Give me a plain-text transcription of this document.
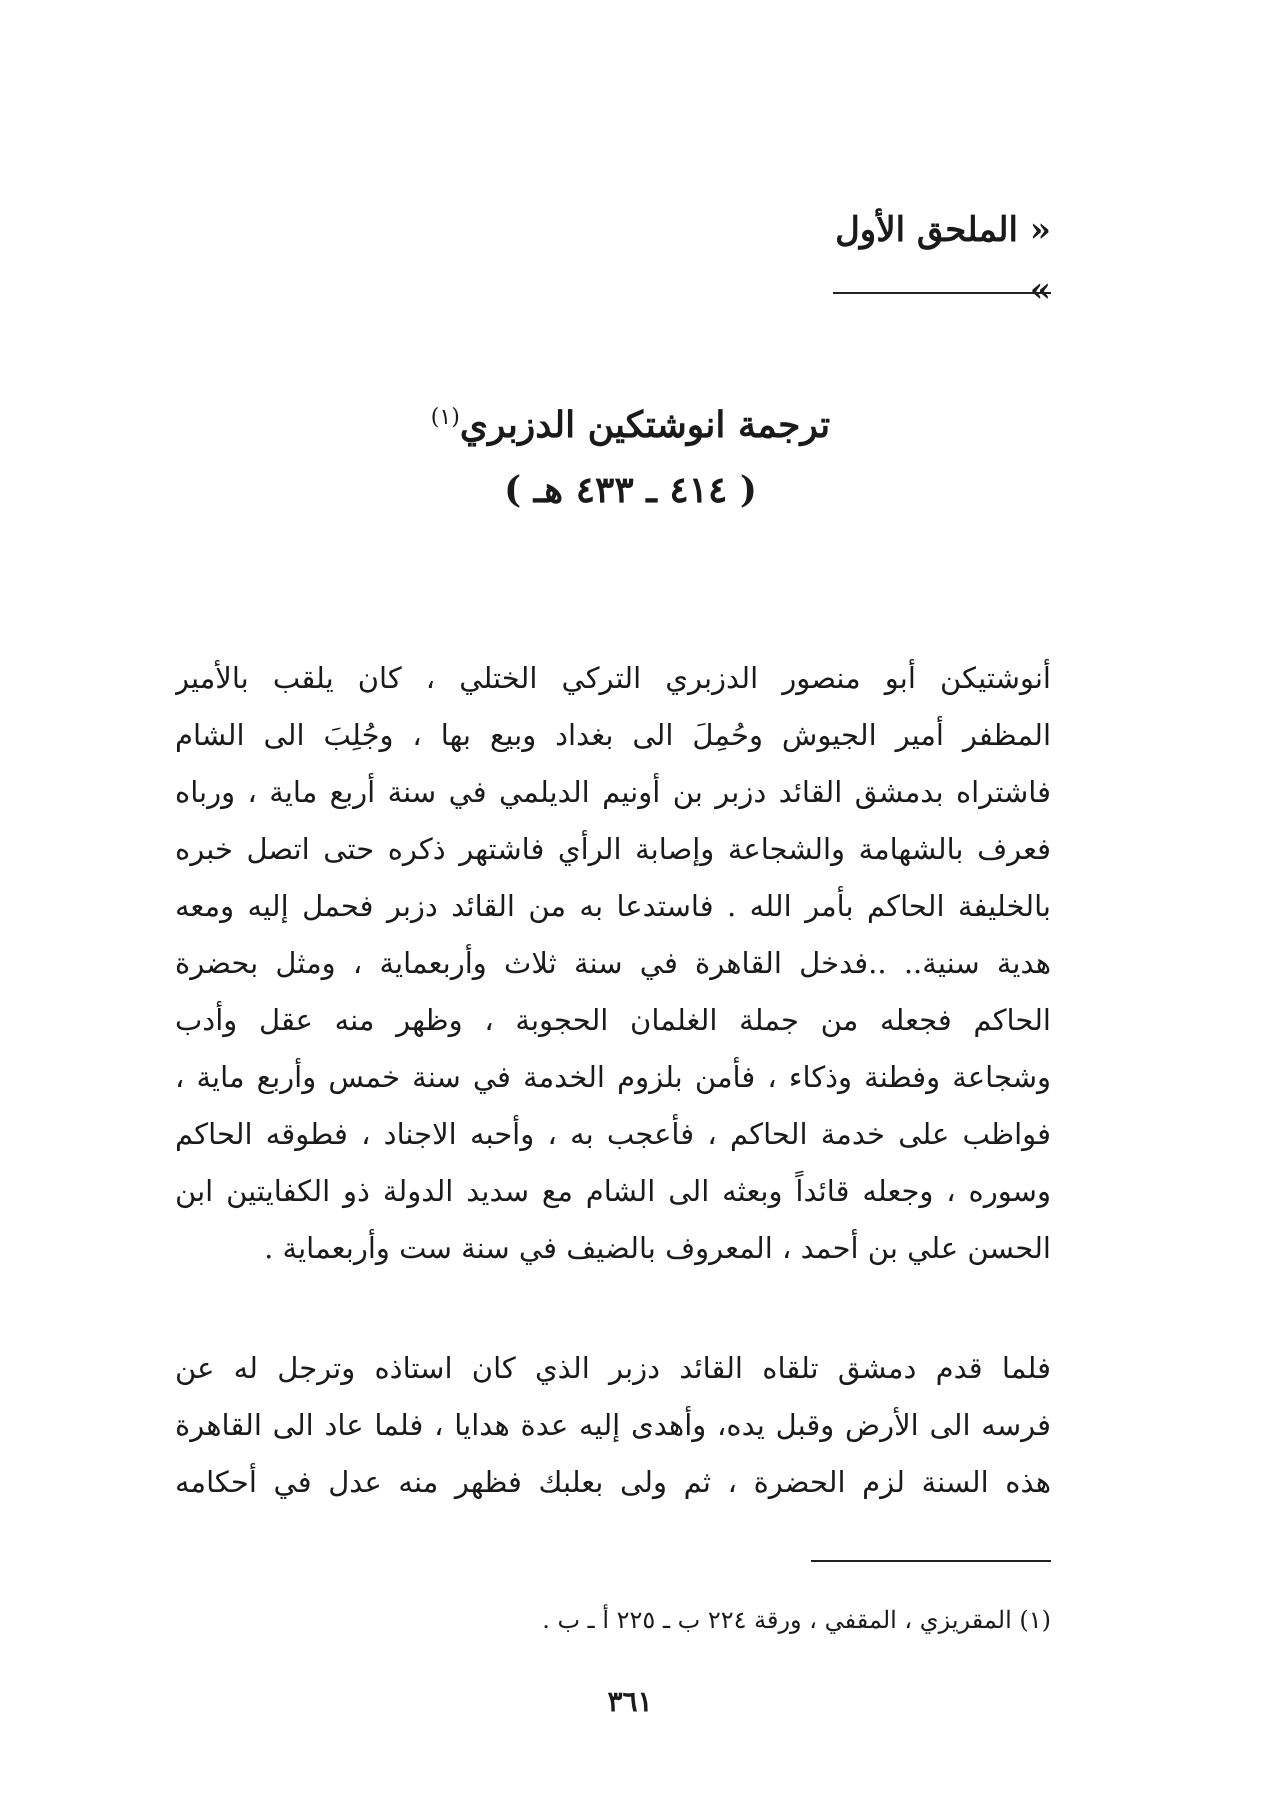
« الملحق الأول »
ترجمة انوشتكين الدزبري$^{(١)}$
( ٤١٤ ـ ٤٣٣ هـ )
أنوشتيكن أبو منصور الدزبري التركي الختلي ، كان يلقب بالأمير
المظفر أمير الجيوش وحُمِلَ الى بغداد وبيع بها ، وجُلِبَ الى الشام
فاشتراه بدمشق القائد دزبر بن أونيم الديلمي في سنة أربع ماية ، ورباه
فعرف بالشهامة والشجاعة وإصابة الرأي فاشتهر ذكره حتى اتصل خبره
بالخليفة الحاكم بأمر الله . فاستدعا به من القائد دزبر فحمل إليه ومعه
هدية سنية.. ..فدخل القاهرة في سنة ثلاث وأربعماية ، ومثل بحضرة
الحاكم فجعله من جملة الغلمان الحجوبة ، وظهر منه عقل وأدب
وشجاعة وفطنة وذكاء ، فأمن بلزوم الخدمة في سنة خمس وأربع ماية ،
فواظب على خدمة الحاكم ، فأعجب به ، وأحبه الاجناد ، فطوقه الحاكم
وسوره ، وجعله قائداً وبعثه الى الشام مع سديد الدولة ذو الكفايتين ابن
الحسن علي بن أحمد ، المعروف بالضيف في سنة ست وأربعماية .
فلما قدم دمشق تلقاه القائد دزبر الذي كان استاذه وترجل له عن
فرسه الى الأرض وقبل يده، وأهدى إليه عدة هدايا ، فلما عاد الى القاهرة
هذه السنة لزم الحضرة ، ثم ولى بعلبك فظهر منه عدل في أحكامه
(١) المقريزي ، المقفي ، ورقة ٢٢٤ ب ـ ٢٢٥ أ ـ ب .
٣٦١
